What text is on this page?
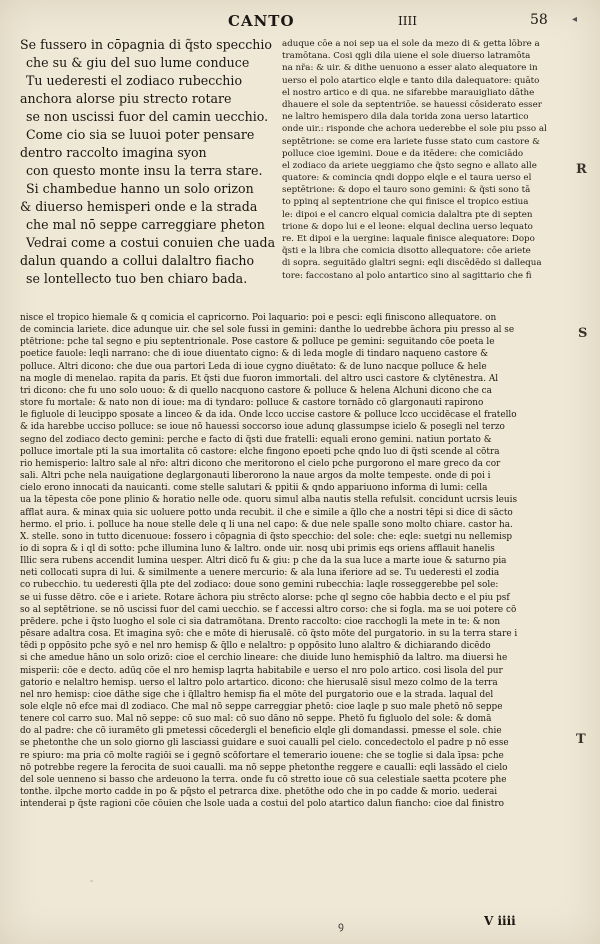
CANTO	IIII	58 ◂
Se fussero in cōpagnia di q̃sto specchio
che su & giu del suo lume conduce
Tu uederesti el zodiaco rubecchio
anchora alorse piu strecto rotare
se non uscissi fuor del camin uecchio.
Come cio sia se luuoi poter pensare
dentro raccolto imagina syon
con questo monte insu la terra stare.
Si chambedue hanno un solo orizon
& diuerso hemisperi onde e la strada
che mal nō seppe carreggiare pheton
Vedrai come a costui conuien che uada
dalun quando a collui dalaltro fiacho
se lontellecto tuo ben chiaro bada.
aduque cōe a noi sep ua el sole da mezo di & getta lōbre a
tramōtana. Cosi qgli dila uiene el sole diuerso latramōta
na nr̃a: & uir. & dithe uenuono a esser alato alequatore in
uerso el polo atartico elqle e tanto dila dalequatore: quāto
el nostro artico e di qua. ne sifarebbe marauigliato dāthe
dhauere el sole da septentriōe. se hauessi cōsiderato esser
ne laltro hemispero dila dala torida zona uerso latartico
onde uir.: risponde che achora uederebbe el sole piu psso al
septētrione: se come era lariete fusse stato cum castore &
polluce cioe igemini. Doue e da itēdere: che comiciādo
el zodiaco da ariete ueggiamo che q̃sto segno e allato alle
quatore: & comincia qndi doppo elqle e el taura uerso el
septētrione: & dopo el tauro sono gemini: & q̃sti sono tā
to ppinq al septentrione che qui finisce el tropico estiua
le: dipoi e el cancro elqual comicia dalaltra pte di septen
trione & dopo lui e el leone: elqual declina uerso lequato
re. Et dipoi e la uergine: laquale finisce alequatore: Dopo
q̃sti e la libra che comicia disotto allequatore: cōe ariete
di sopra. seguitādo glaltri segni: eqli discēdēdo si dallequa
tore: faccostano al polo antartico sino al sagittario che fi
nisce el tropico hiemale & q comicia el capricorno. Poi laquario: poi e pesci: eqli finiscono allequatore. on
de comincia lariete. dice adunque uir. che sel sole fussi in gemini: danthe lo uedrebbe āchora piu presso al se
ptētrione: pche tal segno e piu septentrionale. Pose castore & polluce pe gemini: seguitando cōe poeta le
poetice fauole: leqli narrano: che di ioue diuentato cigno: & di leda mogle di tindaro naqueno castore &
polluce. Altri dicono: che due oua partori Leda di ioue cygno diuētato: & de luno nacque polluce & hele
na mogle di menelao. rapita da paris. Et q̃sti due fuoron immortali. del altro usci castore & clytēnestra. Al
tri dicono: che fu uno solo uouo: & di quello nacquono castore & polluce & helena Alchuni dicono che ca
store fu mortale: & nato non di ioue: ma di tyndaro: polluce & castore tornādo cō glargonauti rapirono
le figluole di leucippo sposate a linceo & da ida. Onde lcco uccise castore & polluce lcco uccidēcase el fratello
& ida harebbe ucciso polluce: se ioue nō hauessi soccorso ioue adunq glassumpse icielo & posegli nel terzo
segno del zodiaco decto gemini: perche e facto di q̃sti due fratelli: equali erono gemini. natiun portato &
polluce imortale pti la sua imortalita cō castore: elche fingono epoeti pche qndo luo di q̃sti scende al cōtra
rio hemisperio: laltro sale al nr̃o: altri dicono che meritorono el cielo pche purgorono el mare greco da cor
sali. Altri pche nela nauigatione deglargonauti liberorono la naue argos da molte tempeste. onde di poi i
cielo erono innocati da nauicanti. come stelle salutari & ppitii & qndo appariuono informa di lumi: cella
ua la tēpesta cōe pone plinio & horatio nelle ode. quoru simul alba nautis stella refulsit. concidunt ucrsis leuis
afflat aura. & minax quia sic uoluere potto unda recubit. il che e simile a q̃llo che a nostri tēpi si dice di sācto
hermo. el prio. i. polluce ha noue stelle dele q li una nel capo: & due nele spalle sono molto chiare. castor ha.
X. stelle. sono in tutto dicenuoue: fossero i cōpagnia di q̃sto specchio: del sole: che: eqle: suetgi nu nellemisp
io di sopra & i ql di sotto: pche illumina luno & laltro. onde uir. nosq ubi primis eqs oriens afflauit hanelis
Illic sera rubens accendit lumina uesper. Altri dicō fu & giu: p che da la sua luce a marte ioue & saturno pia
neti collocati supra di lui. & similmente a uenere mercurio: & ala luna iferiore ad se. Tu uederesti el zodia
co rubecchio. tu uederesti q̃lla pte del zodiaco: doue sono gemini rubecchia: laqle rosseggerebbe pel sole:
se ui fusse dētro. cōe e i ariete. Rotare āchora piu strēcto alorse: pche ql segno cōe habbia decto e el piu psf
so al septētrione. se nō uscissi fuor del cami uecchio. se f accessi altro corso: che si fogla. ma se uoi potere cō
prēdere. pche i q̃sto luogho el sole ci sia datramōtana. Drento raccolto: cioe racchogli la mete in te: & non
pēsare adaltra cosa. Et imagina syō: che e mōte di hierusalē. cō q̃sto mōte del purgatorio. in su la terra stare i
tēdi p oppōsito pche syō e nel nro hemisp & q̃llo e nelaltro: p oppōsito luno alaltro & dichiarando dicēdo
si che amedue hāno un solo orizō: cioe el cerchio lineare: che diuide luno hemisphiō da laltro. ma diuersi he
misperii: cōe e decto. adūq cōe el nro hemisp laqrta habitabile e uerso el nro polo artico. cosi lisola del pur
gatorio e nelaltro hemisp. uerso el laltro polo artartico. dicono: che hierusalē sisul mezo colmo de la terra
nel nro hemisp: cioe dāthe sige che i q̃llaltro hemisp fia el mōte del purgatorio oue e la strada. laqual del
sole elqle nō efce mai dl zodiaco. Che mal nō seppe carreggiar phetō: cioe laqle p suo male phetō nō seppe
tenere col carro suo. Mal nō seppe: cō suo mal: cō suo dāno nō seppe. Phetō fu figluolo del sole: & domā
do al padre: che cō iuramēto gli pmetessi cōcedergli el beneficio elqle gli domandassi. pmesse el sole. chie
se phetonthe che un solo giorno gli lasciassi guidare e suoi caualli pel cielo. concedectolo el padre p nō esse
re spiuro: ma pria cō molte ragiōi se i gegnō scōfortare el temerario iouene: che se toglie si dala īpsa: pche
nō potrebbe regere la ferocita de suoi caualli. ma nō seppe phetonthe reggere e caualli: eqli lassādo el cielo
del sole uenneno si basso che ardeuono la terra. onde fu cō stretto ioue cō sua celestiale saetta pcotere phe
tonthe. ilpche morto cadde in po & pq̃sto el petrarca dixe. phetōthe odo che in po cadde & morio. uederai
intenderai p q̃ste ragioni cōe cōuien che lsole uada a costui del polo atartico dalun fiancho: cioe dal finistro
R
S
T
ꝯ	V iiii
